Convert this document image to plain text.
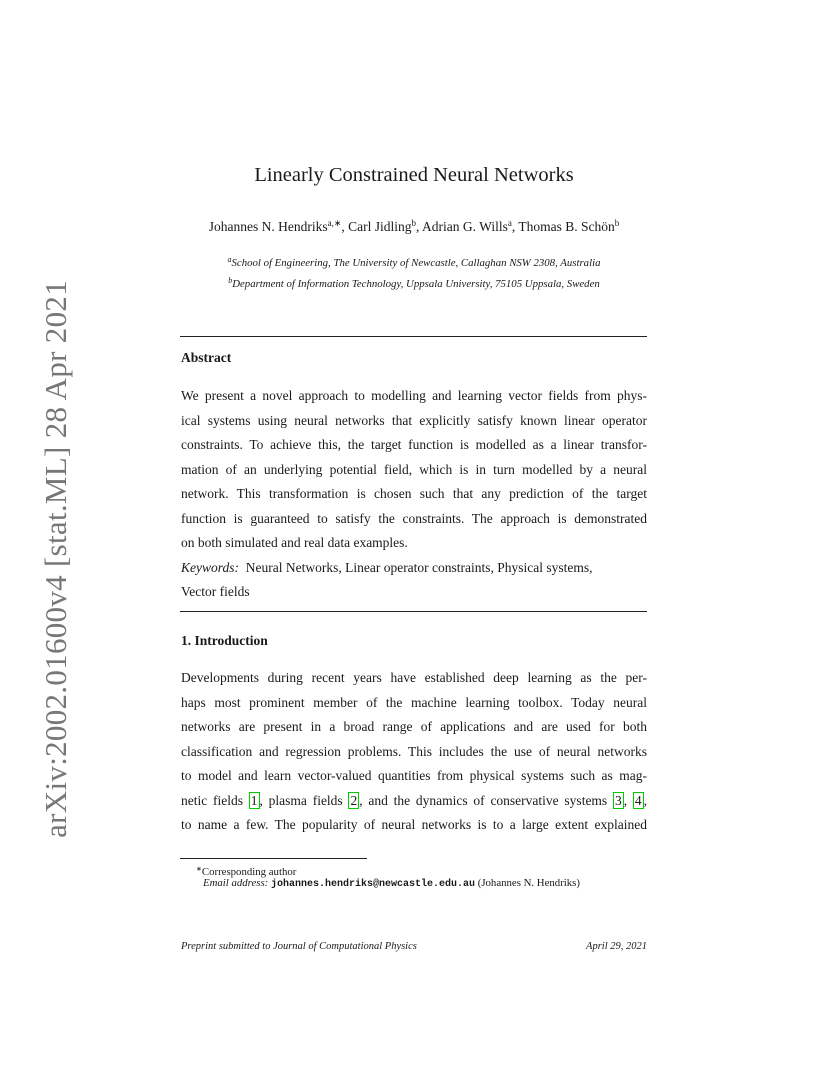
arXiv:2002.01600v4 [stat.ML] 28 Apr 2021
Linearly Constrained Neural Networks
Johannes N. Hendriks$^{a,∗}$, Carl Jidling$^b$, Adrian G. Wills$^a$, Thomas B. Schön$^b$
$^a$School of Engineering, The University of Newcastle, Callaghan NSW 2308, Australia
$^b$Department of Information Technology, Uppsala University, 75105 Uppsala, Sweden
Abstract
We present a novel approach to modelling and learning vector fields from phys-
ical systems using neural networks that explicitly satisfy known linear operator
constraints. To achieve this, the target function is modelled as a linear transfor-
mation of an underlying potential field, which is in turn modelled by a neural
network. This transformation is chosen such that any prediction of the target
function is guaranteed to satisfy the constraints. The approach is demonstrated
on both simulated and real data examples.
Keywords: Neural Networks, Linear operator constraints, Physical systems,
Vector fields
1. Introduction
Developments during recent years have established deep learning as the per-
haps most prominent member of the machine learning toolbox. Today neural
networks are present in a broad range of applications and are used for both
classification and regression problems. This includes the use of neural networks
to model and learn vector-valued quantities from physical systems such as mag-
netic fields 1 , plasma fields 2 , and the dynamics of conservative systems 3 , 4 ,
to name a few. The popularity of neural networks is to a large extent explained
∗Corresponding author
Email address: johannes.hendriks@newcastle.edu.au (Johannes N. Hendriks)
Preprint submitted to Journal of Computational Physics	April 29, 2021
